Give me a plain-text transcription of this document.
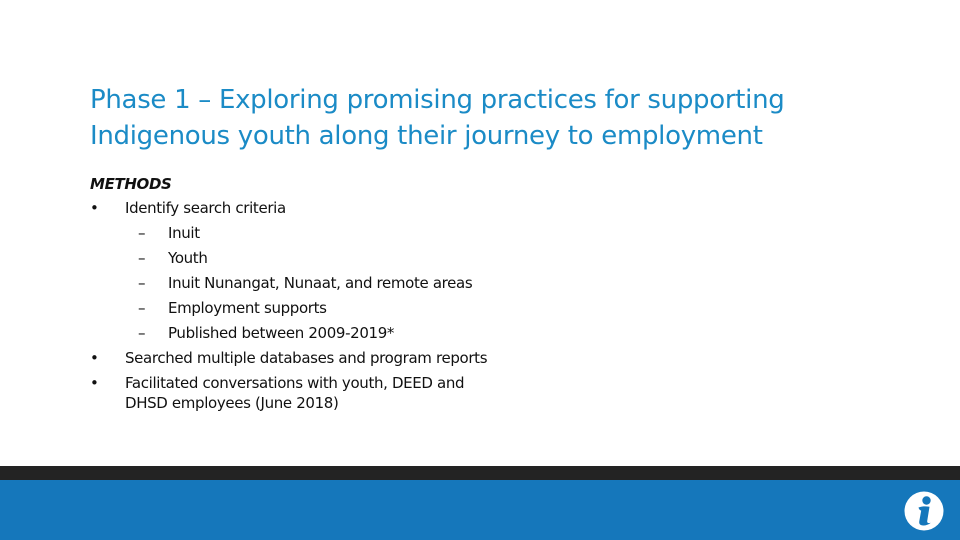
Phase 1 – Exploring promising practices for supporting Indigenous youth along their journey to employment
METHODS
• Identify search criteria
– Inuit
– Youth
– Inuit Nunangat, Nunaat, and remote areas
– Employment supports
– Published between 2009-2019*
• Searched multiple databases and program reports
• Facilitated conversations with youth, DEED and DHSD employees (June 2018)
